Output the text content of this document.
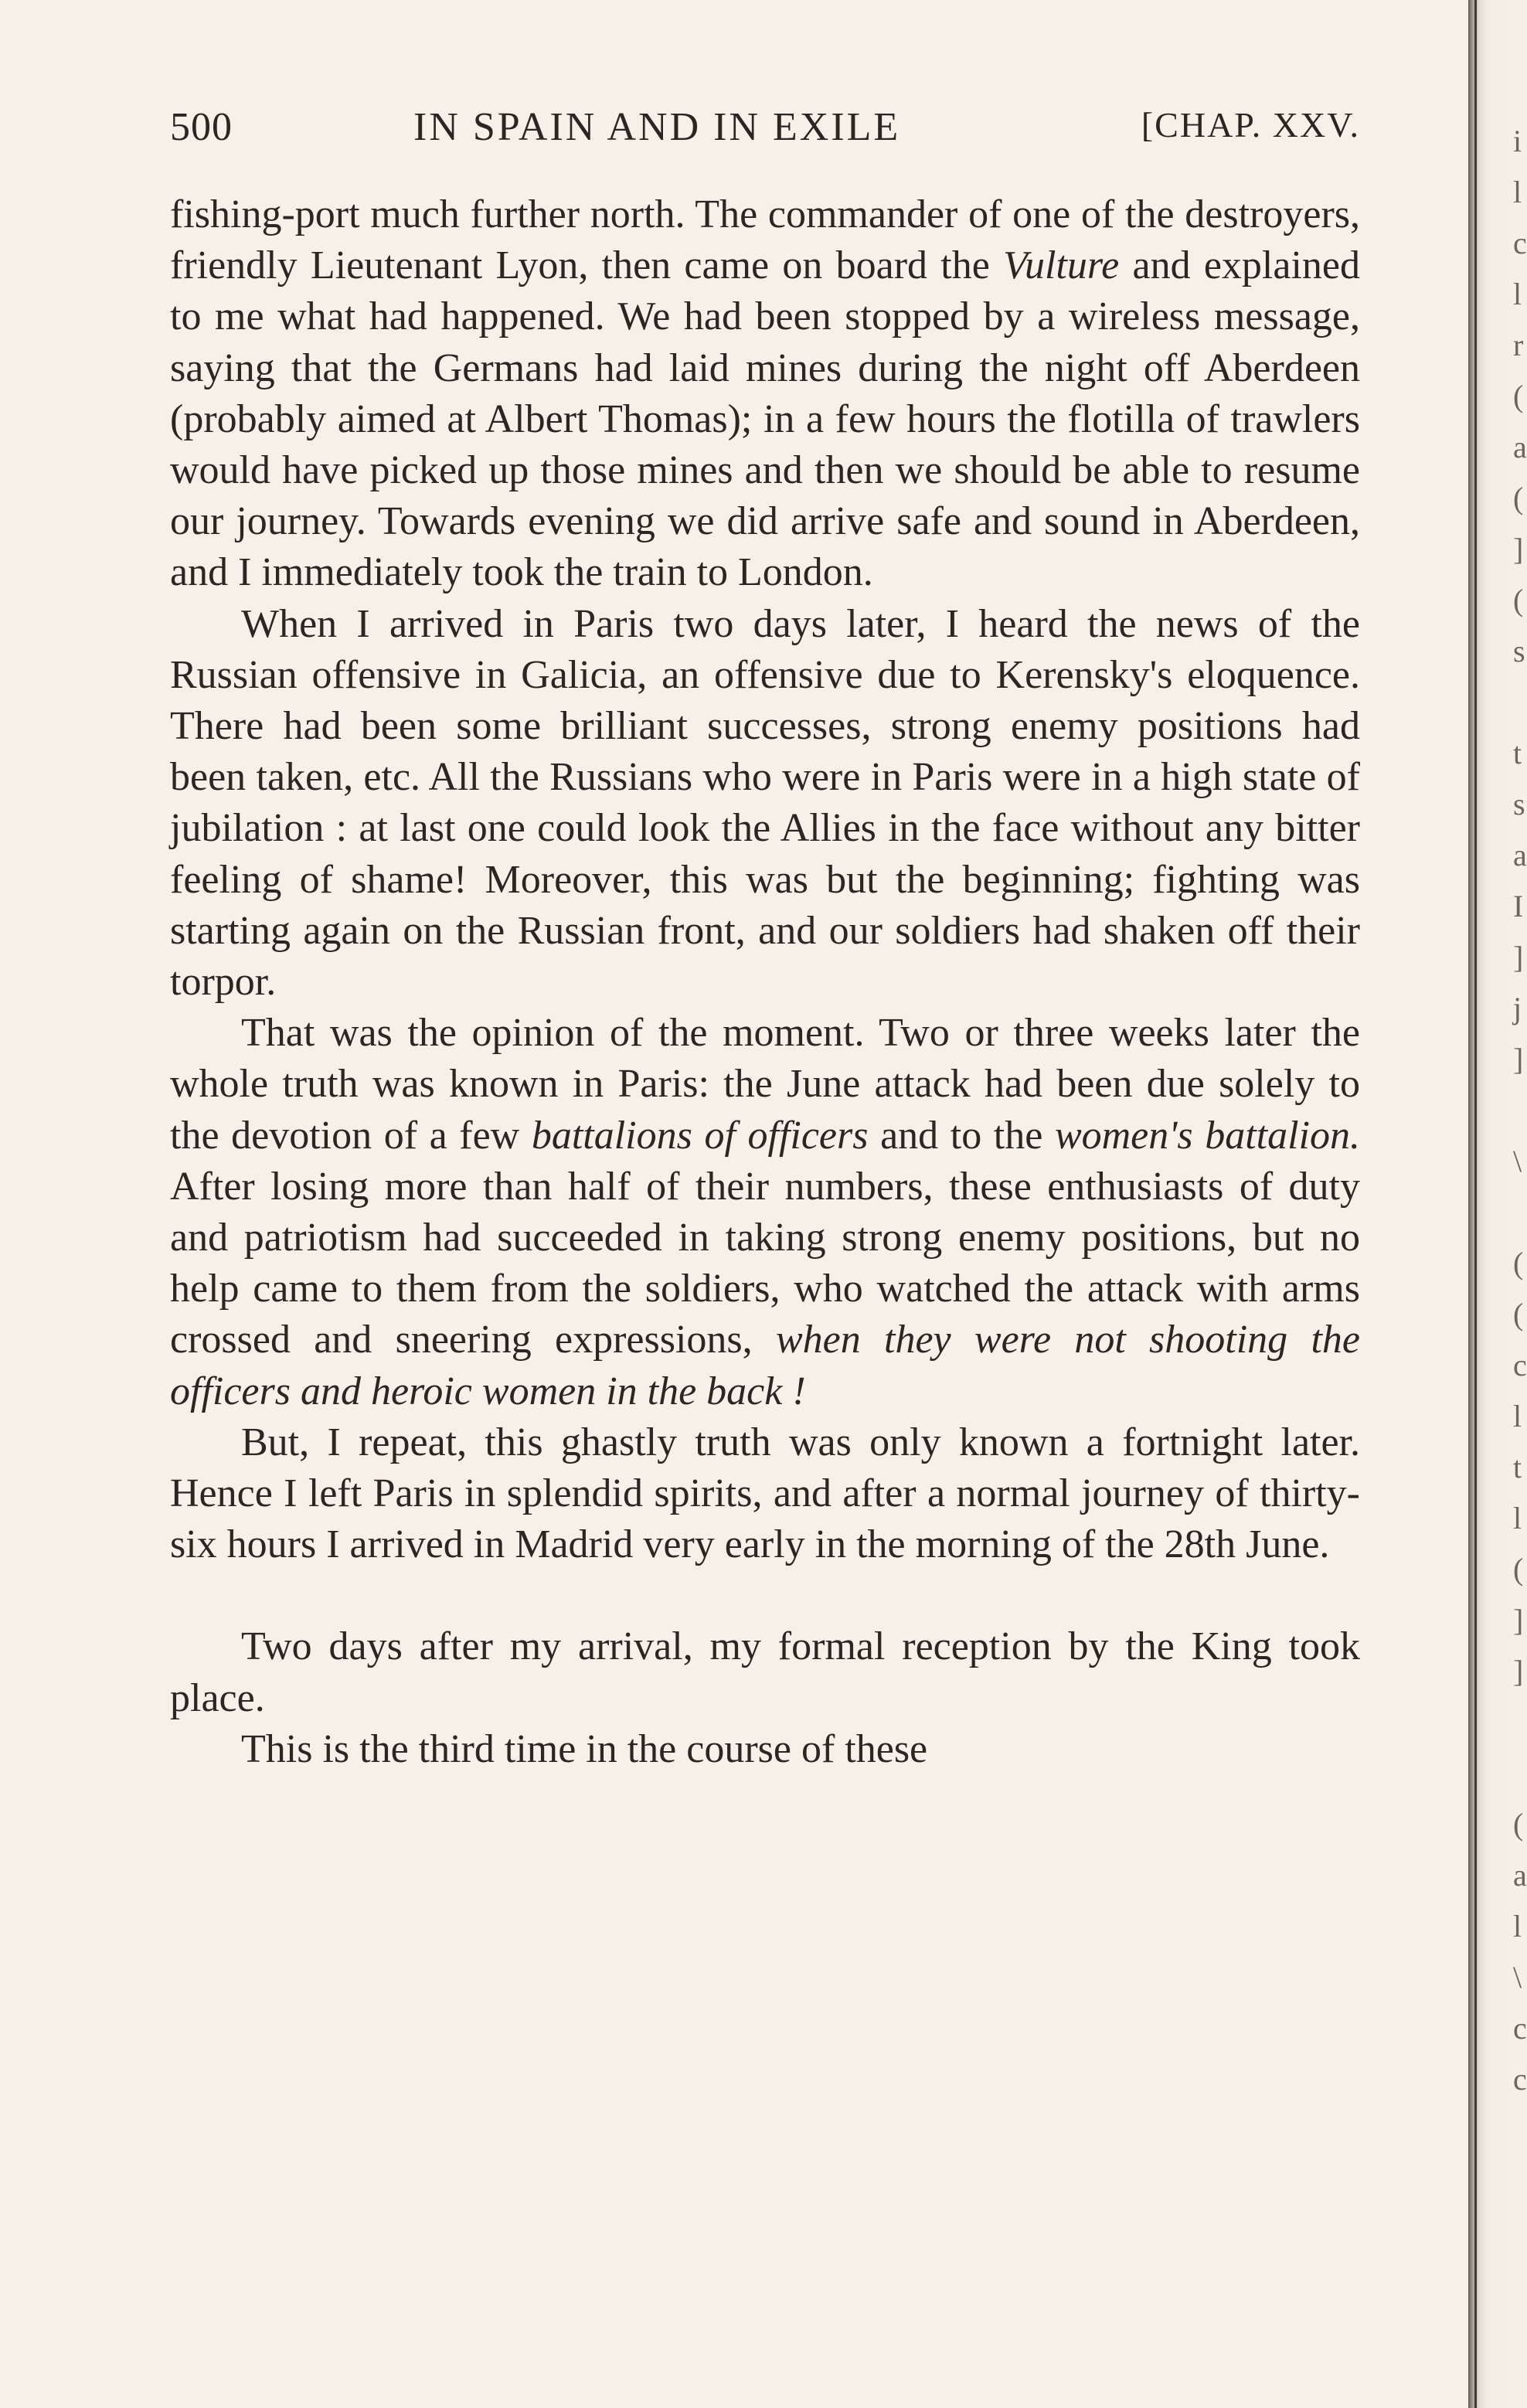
500	IN SPAIN AND IN EXILE	[CHAP. XXV.

fishing-port much further north. The commander of one of the destroyers, friendly Lieutenant Lyon, then came on board the Vulture and explained to me what had happened. We had been stopped by a wireless message, saying that the Germans had laid mines during the night off Aberdeen (probably aimed at Albert Thomas); in a few hours the flotilla of trawlers would have picked up those mines and then we should be able to resume our journey. Towards evening we did arrive safe and sound in Aberdeen, and I immediately took the train to London.

When I arrived in Paris two days later, I heard the news of the Russian offensive in Galicia, an offensive due to Kerensky's eloquence. There had been some brilliant successes, strong enemy positions had been taken, etc. All the Russians who were in Paris were in a high state of jubilation : at last one could look the Allies in the face without any bitter feeling of shame! Moreover, this was but the beginning; fighting was starting again on the Russian front, and our soldiers had shaken off their torpor.

That was the opinion of the moment. Two or three weeks later the whole truth was known in Paris: the June attack had been due solely to the devotion of a few battalions of officers and to the women's battalion. After losing more than half of their numbers, these enthusiasts of duty and patriotism had succeeded in taking strong enemy positions, but no help came to them from the soldiers, who watched the attack with arms crossed and sneering expressions, when they were not shooting the officers and heroic women in the back !

But, I repeat, this ghastly truth was only known a fortnight later. Hence I left Paris in splendid spirits, and after a normal journey of thirty-six hours I arrived in Madrid very early in the morning of the 28th June.

Two days after my arrival, my formal reception by the King took place.

This is the third time in the course of these

i
l
c
l
r
(
a
(
]
(
s
t
s
a
I
]
j
]
\
(
(
c
l
t
l
(
]
]
(
a
l
\
c
c
